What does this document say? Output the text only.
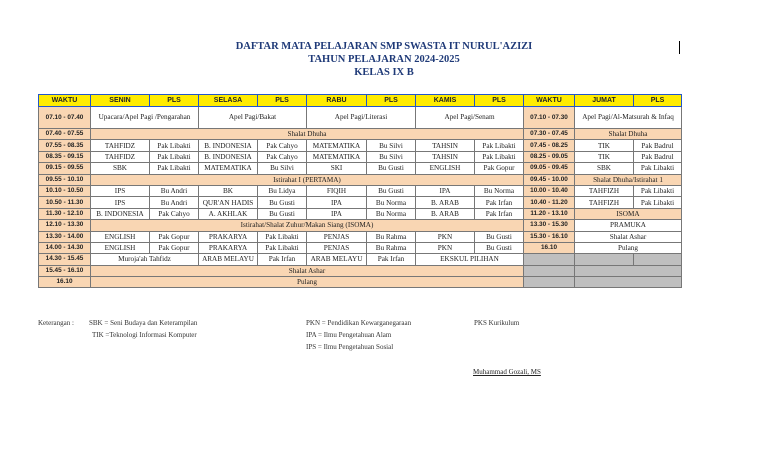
DAFTAR MATA PELAJARAN SMP SWASTA IT NURUL'AZIZI
TAHUN PELAJARAN 2024-2025
KELAS IX B
WAKTU	SENIN	PLS	SELASA	PLS	RABU	PLS	KAMIS	PLS	WAKTU	JUMAT	PLS
07.10 - 07.40	Upacara/Apel Pagi /Pengarahan		Apel Pagi/Bakat		Apel Pagi/Literasi		Apel Pagi/Senam		07.10 - 07.30	Apel Pagi/Al-Matsurah & Infaq	
07.40 - 07.55	Shalat Dhuha								07.30 - 07.45	Shalat Dhuha	
07.55 - 08.35	TAHFIDZ	Pak Libakti	B. INDONESIA	Pak Cahyo	MATEMATIKA	Bu Silvi	TAHSIN	Pak Libakti	07.45 - 08.25	TIK	Pak Badrul
08.35 - 09.15	TAHFIDZ	Pak Libakti	B. INDONESIA	Pak Cahyo	MATEMATIKA	Bu Silvi	TAHSIN	Pak Libakti	08.25 - 09.05	TIK	Pak Badrul
09.15 - 09.55	SBK	Pak Libakti	MATEMATIKA	Bu Silvi	SKI	Bu Gusti	ENGLISH	Pak Gopur	09.05 - 09.45	SBK	Pak Libakti
09.55 - 10.10	Istirahat I (PERTAMA)								09.45 - 10.00	Shalat Dhuha/Istirahat 1	
10.10 - 10.50	IPS	Bu Andri	BK	Bu Lidya	FIQIH	Bu Gusti	IPA	Bu Norma	10.00 - 10.40	TAHFIZH	Pak Libakti
10.50 - 11.30	IPS	Bu Andri	QUR'AN HADIS	Bu Gusti	IPA	Bu Norma	B. ARAB	Pak Irfan	10.40 - 11.20	TAHFIZH	Pak Libakti
11.30 - 12.10	B. INDONESIA	Pak Cahyo	A. AKHLAK	Bu Gusti	IPA	Bu Norma	B. ARAB	Pak Irfan	11.20 - 13.10	ISOMA	
12.10 - 13.30	Istirahat/Shalat Zuhur/Makan Siang (ISOMA)								13.30 - 15.30	PRAMUKA	
13.30 - 14.00	ENGLISH	Pak Gopur	PRAKARYA	Pak Libakti	PENJAS	Bu Rahma	PKN	Bu Gusti	15.30 - 16.10	Shalat Ashar	
14.00 - 14.30	ENGLISH	Pak Gopur	PRAKARYA	Pak Libakti	PENJAS	Bu Rahma	PKN	Bu Gusti	16.10	Pulang	
14.30 - 15.45	Muroja'ah Tahfidz		ARAB MELAYU	Pak Irfan	ARAB MELAYU	Pak Irfan	EKSKUL PILIHAN				
15.45 - 16.10	Shalat Ashar										
16.10	Pulang										
Keterangan : SBK = Seni Budaya dan Keterampilan
TIK =Teknologi Informasi Komputer
PKN = Pendidikan Kewarganegaraan
IPA = Ilmu Pengetahuan Alam
IPS = Ilmu Pengetahuan Sosial
PKS Kurikulum
Muhammad Gozali, MS
